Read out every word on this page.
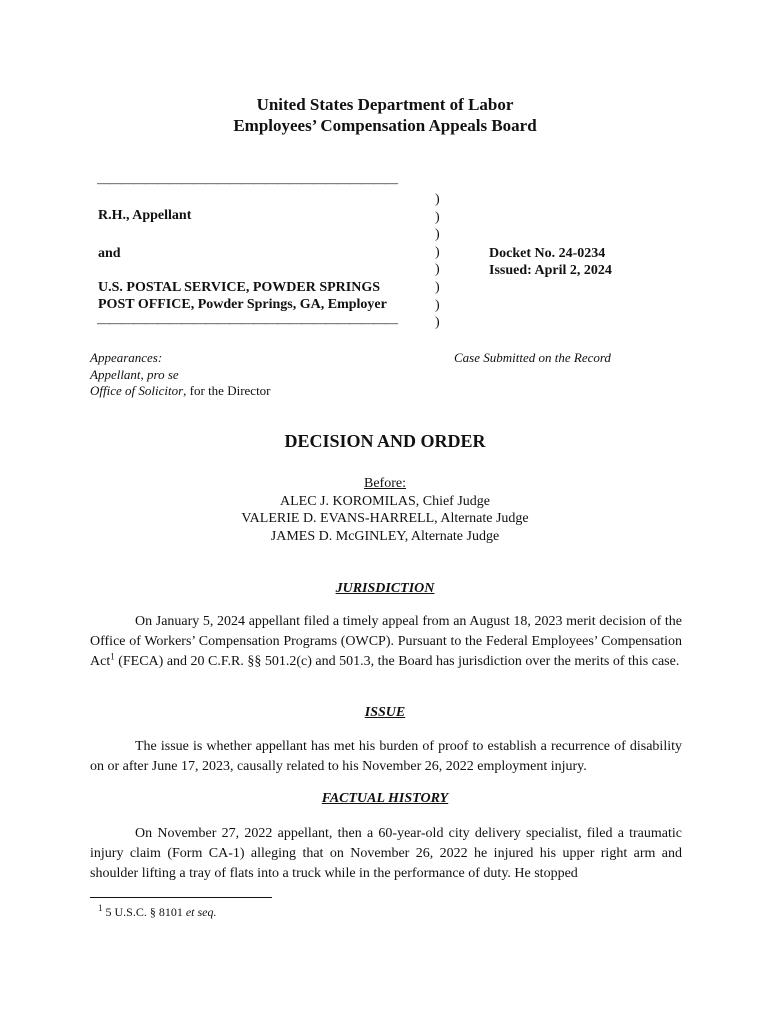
United States Department of Labor
Employees’ Compensation Appeals Board
—————————————————————————
R.H., Appellant
and
U.S. POSTAL SERVICE, POWDER SPRINGS
POST OFFICE, Powder Springs, GA, Employer
—————————————————————————
)
)
)
)
)
)
)
)
Docket No. 24-0234
Issued: April 2, 2024
Appearances:
Appellant, pro se
Office of Solicitor, for the Director
Case Submitted on the Record
DECISION AND ORDER
Before:
ALEC J. KOROMILAS, Chief Judge
VALERIE D. EVANS-HARRELL, Alternate Judge
JAMES D. McGINLEY, Alternate Judge
JURISDICTION
On January 5, 2024 appellant filed a timely appeal from an August 18, 2023 merit decision of the Office of Workers’ Compensation Programs (OWCP). Pursuant to the Federal Employees’ Compensation Act$^1$ (FECA) and 20 C.F.R. §§ 501.2(c) and 501.3, the Board has jurisdiction over the merits of this case.
ISSUE
The issue is whether appellant has met his burden of proof to establish a recurrence of disability on or after June 17, 2023, causally related to his November 26, 2022 employment injury.
FACTUAL HISTORY
On November 27, 2022 appellant, then a 60-year-old city delivery specialist, filed a traumatic injury claim (Form CA-1) alleging that on November 26, 2022 he injured his upper right arm and shoulder lifting a tray of flats into a truck while in the performance of duty. He stopped
$^1$ 5 U.S.C. § 8101 et seq.
